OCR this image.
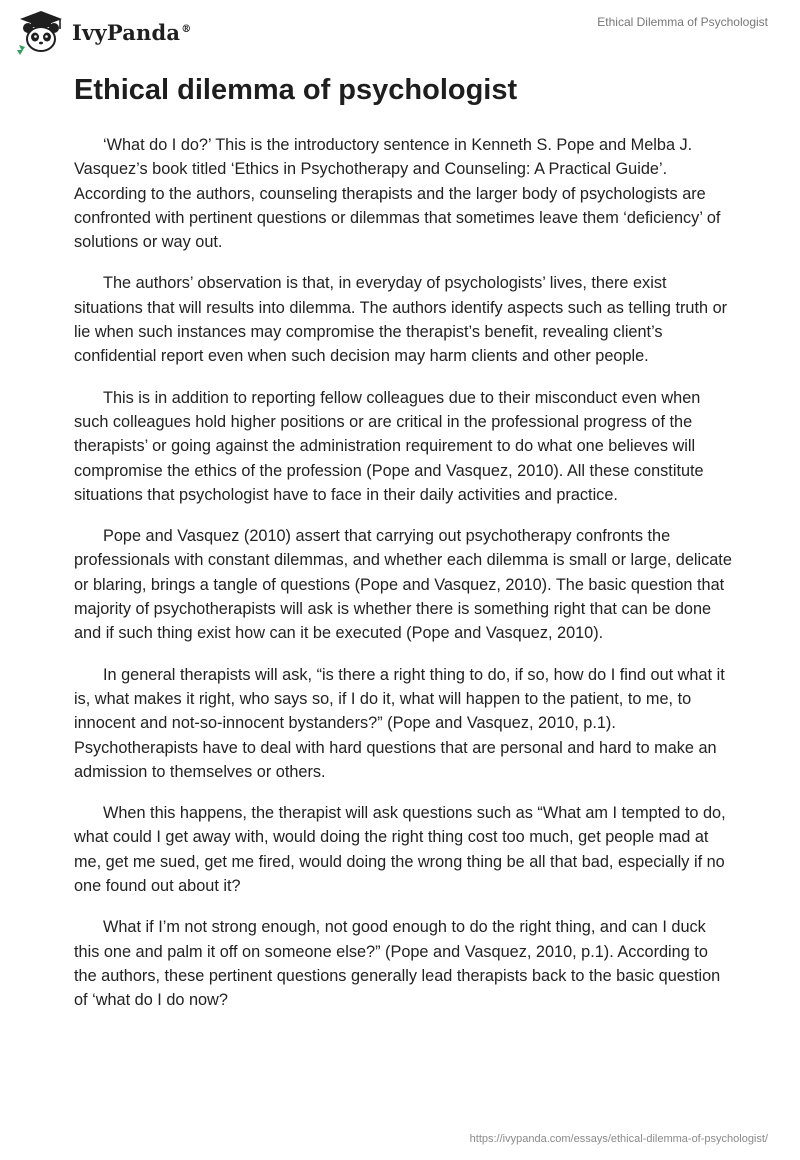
IvyPanda®	Ethical Dilemma of Psychologist
Ethical dilemma of psychologist

‘What do I do?’ This is the introductory sentence in Kenneth S. Pope and Melba J. Vasquez’s book titled ‘Ethics in Psychotherapy and Counseling: A Practical Guide’. According to the authors, counseling therapists and the larger body of psychologists are confronted with pertinent questions or dilemmas that sometimes leave them ‘deficiency’ of solutions or way out.

The authors’ observation is that, in everyday of psychologists’ lives, there exist situations that will results into dilemma. The authors identify aspects such as telling truth or lie when such instances may compromise the therapist’s benefit, revealing client’s confidential report even when such decision may harm clients and other people.

This is in addition to reporting fellow colleagues due to their misconduct even when such colleagues hold higher positions or are critical in the professional progress of the therapists’ or going against the administration requirement to do what one believes will compromise the ethics of the profession (Pope and Vasquez, 2010). All these constitute situations that psychologist have to face in their daily activities and practice.

Pope and Vasquez (2010) assert that carrying out psychotherapy confronts the professionals with constant dilemmas, and whether each dilemma is small or large, delicate or blaring, brings a tangle of questions (Pope and Vasquez, 2010). The basic question that majority of psychotherapists will ask is whether there is something right that can be done and if such thing exist how can it be executed (Pope and Vasquez, 2010).

In general therapists will ask, “is there a right thing to do, if so, how do I find out what it is, what makes it right, who says so, if I do it, what will happen to the patient, to me, to innocent and not-so-innocent bystanders?” (Pope and Vasquez, 2010, p.1). Psychotherapists have to deal with hard questions that are personal and hard to make an admission to themselves or others.

When this happens, the therapist will ask questions such as “What am I tempted to do, what could I get away with, would doing the right thing cost too much, get people mad at me, get me sued, get me fired, would doing the wrong thing be all that bad, especially if no one found out about it?

What if I’m not strong enough, not good enough to do the right thing, and can I duck this one and palm it off on someone else?” (Pope and Vasquez, 2010, p.1). According to the authors, these pertinent questions generally lead therapists back to the basic question of ‘what do I do now?

https://ivypanda.com/essays/ethical-dilemma-of-psychologist/
